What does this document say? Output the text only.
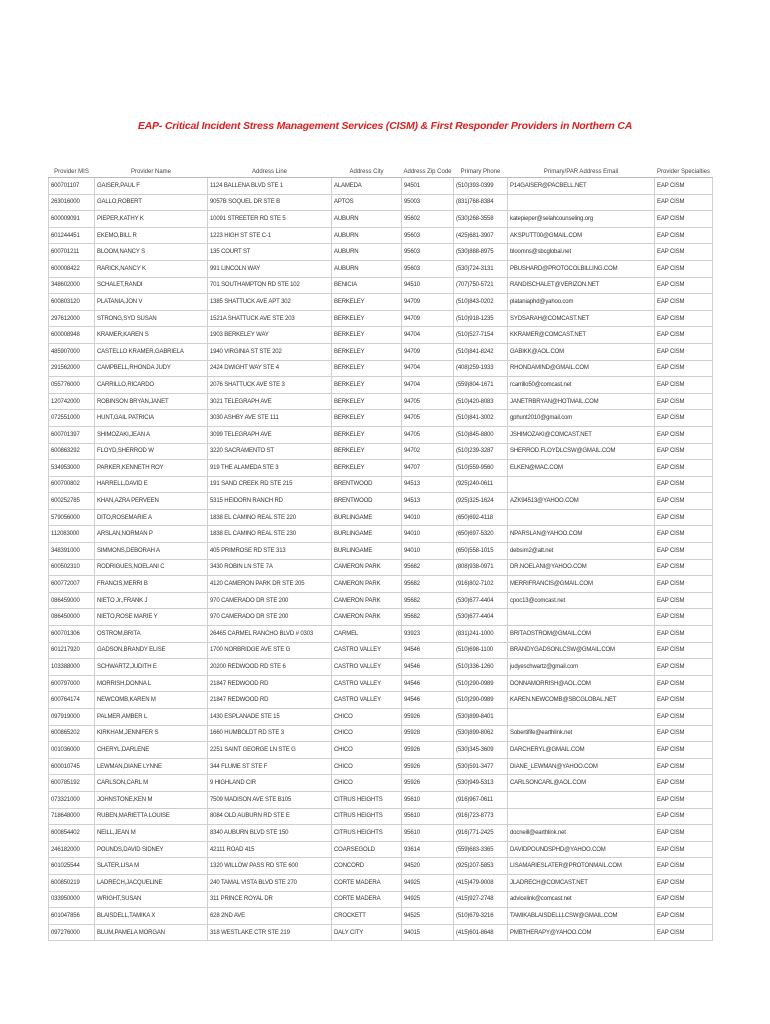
EAP- Critical Incident Stress Management Services (CISM) & First Responder Providers in Northern CA
Provider MIS	Provider Name	Address Line	Address City	Address Zip Code	Primary Phone	Primary/PAR Address Email	Provider Specialties
600701107	GAISER,PAUL F	1124 BALLENA BLVD STE 1	ALAMEDA	94501	(510)393-0399	P14GAISER@PACBELL.NET	EAP CISM
263016000	GALLO,ROBERT	9057B SOQUEL DR STE B	APTOS	95003	(831)768-8384		EAP CISM
600009091	PIEPER,KATHY K	10091 STREETER RD STE 5	AUBURN	95602	(530)268-3558	katepieper@selahcounseling.org	EAP CISM
601244451	EKEMO,BILL R	1223 HIGH ST STE C-1	AUBURN	95603	(425)681-3907	AKSPUTT00@GMAIL.COM	EAP CISM
600701211	BLOOM,NANCY S	135 COURT ST	AUBURN	95603	(530)888-8975	bloomns@sbcglobal.net	EAP CISM
600008422	RARICK,NANCY K	991 LINCOLN WAY	AUBURN	95603	(530)724-3131	PBUSHARD@PROTOCOLBILLING.COM	EAP CISM
348602000	SCHALET,RANDI	701 SOUTHAMPTON RD STE 102	BENICIA	94510	(707)750-5721	RANDISCHALET@VERIZON.NET	EAP CISM
600803120	PLATANIA,JON V	1385 SHATTUCK AVE APT 302	BERKELEY	94709	(510)843-0202	plataniaphd@yahoo.com	EAP CISM
297612000	STRONG,SYD SUSAN	1521A SHATTUCK AVE STE 203	BERKELEY	94709	(510)918-1235	SYDSARAH@COMCAST.NET	EAP CISM
600008948	KRAMER,KAREN S	1903 BERKELEY WAY	BERKELEY	94704	(510)527-7154	KKRAMER@COMCAST.NET	EAP CISM
485907000	CASTELLO KRAMER,GABRIELA	1940 VIRGINIA ST STE 202	BERKELEY	94709	(510)841-8242	GABIKK@AOL.COM	EAP CISM
291562000	CAMPBELL,RHONDA JUDY	2424 DWIGHT WAY STE 4	BERKELEY	94704	(408)259-1933	RHONDAMIND@GMAIL.COM	EAP CISM
055776000	CARRILLO,RICARDO	2076 SHATTUCK AVE STE 3	BERKELEY	94704	(559)804-1671	rcarrillo50@comcast.net	EAP CISM
120742000	ROBINSON BRYAN,JANET	3021 TELEGRAPH AVE	BERKELEY	94705	(510)420-8083	JANETRBRYAN@HOTMAIL.COM	EAP CISM
072551000	HUNT,GAIL PATRICIA	3030 ASHBY AVE STE 111	BERKELEY	94705	(510)841-3002	gphunt2010@gmail.com	EAP CISM
600701397	SHIMOZAKI,JEAN A	3099 TELEGRAPH AVE	BERKELEY	94705	(510)845-8800	JSHIMOZAKI@COMCAST.NET	EAP CISM
600863292	FLOYD,SHERROD W	3220 SACRAMENTO ST	BERKELEY	94702	(510)239-3287	SHERROD.FLOYDLCSW@GMAIL.COM	EAP CISM
534953000	PARKER,KENNETH ROY	919 THE ALAMEDA STE 3	BERKELEY	94707	(510)559-9560	ELKEN@MAC.COM	EAP CISM
600700802	HARRELL,DAVID E	191 SAND CREEK RD STE 215	BRENTWOOD	94513	(925)240-0611		EAP CISM
600252785	KHAN,AZRA PERVEEN	5315 HEIDORN RANCH RD	BRENTWOOD	94513	(925)325-1624	AZK94513@YAHOO.COM	EAP CISM
579056000	DITO,ROSEMARIE A	1838 EL CAMINO REAL STE 220	BURLINGAME	94010	(650)692-4118		EAP CISM
112083000	ARSLAN,NORMAN P	1838 EL CAMINO REAL STE 230	BURLINGAME	94010	(650)697-5320	NPARSLAN@YAHOO.COM	EAP CISM
348391000	SIMMONS,DEBORAH A	405 PRIMROSE RD STE 313	BURLINGAME	94010	(650)558-1015	debsim2@att.net	EAP CISM
600502310	RODRIGUES,NOELANI C	3430 ROBIN LN STE 7A	CAMERON PARK	95682	(808)938-0971	DR.NOELANI@YAHOO.COM	EAP CISM
600772007	FRANCIS,MERRI B	4120 CAMERON PARK DR STE 205	CAMERON PARK	95682	(916)802-7102	MERRIFRANCIS@GMAIL.COM	EAP CISM
086459000	NIETO Jr.,FRANK J	970 CAMERADO DR STE 200	CAMERON PARK	95682	(530)677-4404	cpoc13@comcast.net	EAP CISM
086450000	NIETO,ROSE MARIE Y	970 CAMERADO DR STE 200	CAMERON PARK	95682	(530)677-4404		EAP CISM
600701306	OSTROM,BRITA	26465 CARMEL RANCHO BLVD # 0303	CARMEL	93923	(831)241-1000	BRITAOSTROM@GMAIL.COM	EAP CISM
601217920	GADSON,BRANDY ELISE	1700 NORBRIDGE AVE STE G	CASTRO VALLEY	94546	(510)698-1100	BRANDYGADSONLCSW@GMAIL.COM	EAP CISM
103388000	SCHWARTZ,JUDITH E	20200 REDWOOD RD STE 6	CASTRO VALLEY	94546	(510)336-1260	judyeschwartz@gmail.com	EAP CISM
600797000	MORRISH,DONNA L	21847 REDWOOD RD	CASTRO VALLEY	94546	(510)290-0989	DONNAMORRISH@AOL.COM	EAP CISM
600764174	NEWCOMB,KAREN M	21847 REDWOOD RD	CASTRO VALLEY	94546	(510)290-0989	KAREN.NEWCOMB@SBCGLOBAL.NET	EAP CISM
097919000	PALMER,AMBER L	1430 ESPLANADE STE 15	CHICO	95926	(530)899-8401		EAP CISM
600865202	KIRKHAM,JENNIFER S	1660 HUMBOLDT RD STE 3	CHICO	95928	(530)899-8062	Sobertifife@earthlink.net	EAP CISM
001036000	CHERYL,DARLENE	2251 SAINT GEORGE LN STE G	CHICO	95926	(530)345-3609	DARCHERYL@GMAIL.COM	EAP CISM
600010745	LEWMAN,DIANE LYNNE	344 FLUME ST STE F	CHICO	95926	(530)591-3477	DIANE_LEWMAN@YAHOO.COM	EAP CISM
600785192	CARLSON,CARL M	9 HIGHLAND CIR	CHICO	95926	(530)949-5313	CARLSONCARL@AOL.COM	EAP CISM
073321000	JOHNSTONE,KEN M	7509 MADISON AVE STE B105	CITRUS HEIGHTS	95610	(916)967-0611		EAP CISM
718648000	RUBEN,MARIETTA LOUISE	8084 OLD AUBURN RD STE E	CITRUS HEIGHTS	95610	(916)723-8773		EAP CISM
600854402	NEILL,JEAN M	8340 AUBURN BLVD STE 150	CITRUS HEIGHTS	95610	(916)771-2425	docneill@earthlink.net	EAP CISM
246182000	POUNDS,DAVID SIDNEY	42111 ROAD 415	COARSEGOLD	93614	(559)683-3365	DAVIDPOUNDSPHD@YAHOO.COM	EAP CISM
601025544	SLATER,LISA M	1320 WILLOW PASS RD STE 600	CONCORD	94520	(925)207-5853	LISAMARIESLATER@PROTONMAIL.COM	EAP CISM
600850219	LADRECH,JACQUELINE	240 TAMAL VISTA BLVD STE 270	CORTE MADERA	94925	(415)479-9008	JLADRECH@COMCAST.NET	EAP CISM
033950000	WRIGHT,SUSAN	311 PRINCE ROYAL DR	CORTE MADERA	94925	(415)927-2748	advicelink@comcast.net	EAP CISM
601047856	BLAISDELL,TAMIKA X	628 2ND AVE	CROCKETT	94525	(510)679-3216	TAMIKABLAISDELLLCSW@GMAIL.COM	EAP CISM
097276000	BLUM,PAMELA MORGAN	318 WESTLAKE CTR STE 219	DALY CITY	94015	(415)601-8648	PMBTHERAPY@YAHOO.COM	EAP CISM
